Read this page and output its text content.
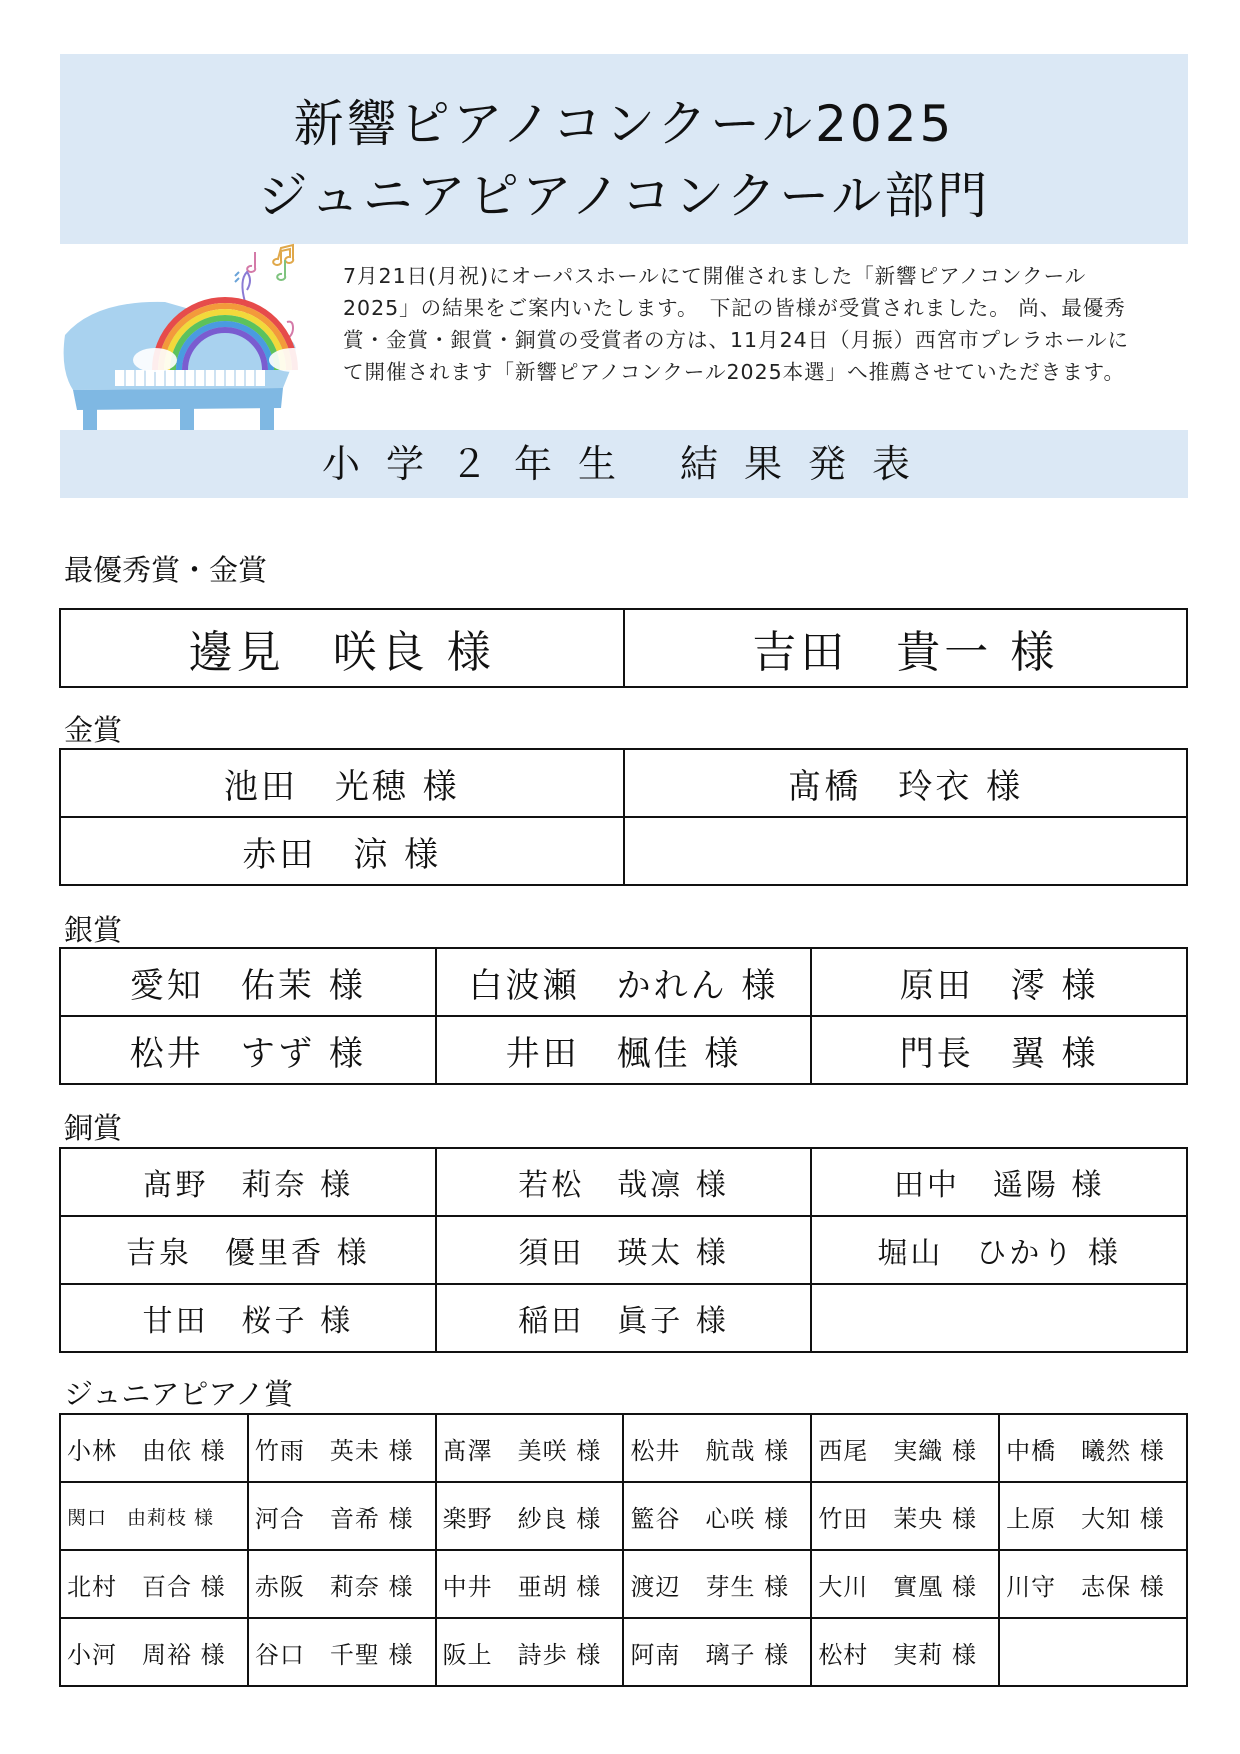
新響ピアノコンクール2025
ジュニアピアノコンクール部門
7月21日(月祝)にオーパスホールにて開催されました「新響ピアノコンクール2025」の結果をご案内いたします。　下記の皆様が受賞されました。 尚、最優秀賞・金賞・銀賞・銅賞の受賞者の方は、11月24日（月振）西宮市プレラホールにて開催されます「新響ピアノコンクール2025本選」へ推薦させていただきます。
小学２年生 結果発表
最優秀賞・金賞
邊見　咲良 様	吉田　貴一 様
金賞
池田　光穂 様	髙橋　玲衣 様
赤田　涼 様	
銀賞
愛知　佑茉 様	白波瀬　かれん 様	原田　澪 様
松井　すず 様	井田　楓佳 様	門長　翼 様
銅賞
髙野　莉奈 様	若松　哉凛 様	田中　遥陽 様
吉泉　優里香 様	須田　瑛太 様	堀山　ひかり 様
甘田　桜子 様	稲田　眞子 様	
ジュニアピアノ賞
小林　由依 様	竹雨　英未 様	髙澤　美咲 様	松井　航哉 様	西尾　実織 様	中橋　曦然 様
関口　由莉枝 様	河合　音希 様	楽野　紗良 様	籃谷　心咲 様	竹田　茉央 様	上原　大知 様
北村　百合 様	赤阪　莉奈 様	中井　亜胡 様	渡辺　芽生 様	大川　實凰 様	川守　志保 様
小河　周裕 様	谷口　千聖 様	阪上　詩歩 様	阿南　璃子 様	松村　実莉 様	
